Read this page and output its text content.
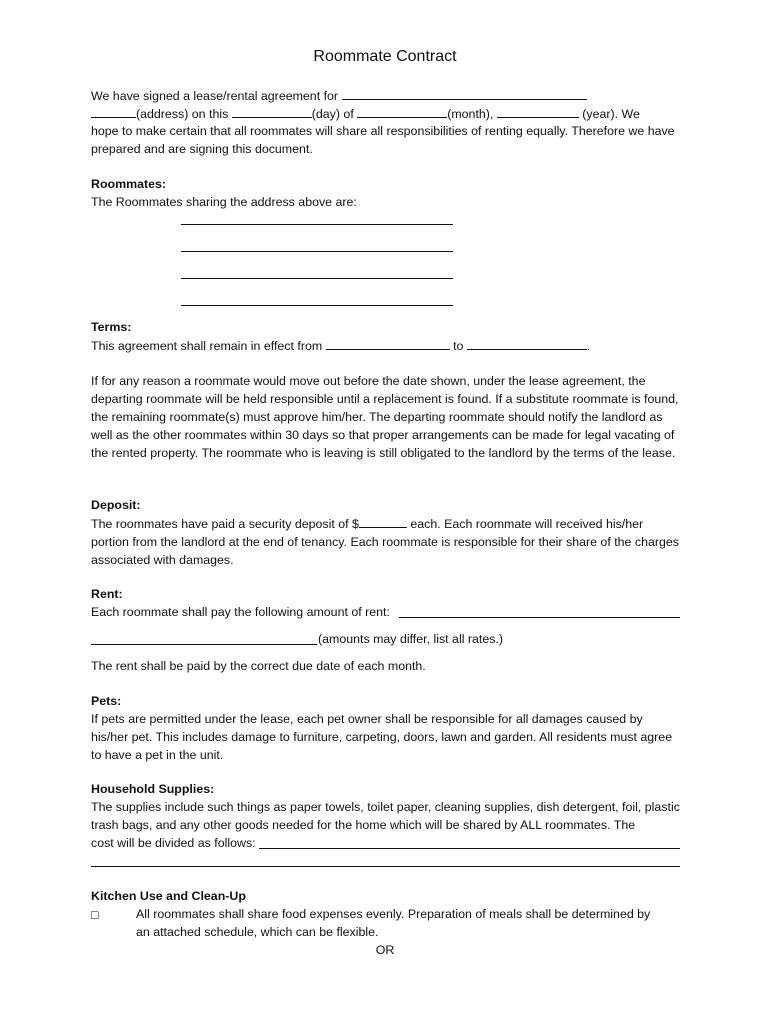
Roommate Contract
We have signed a lease/rental agreement for
(address) on this	(day) of	(month),	(year). We

hope to make certain that all roommates will share all responsibilities of renting equally. Therefore we have prepared and are signing this document.

Roommates:
The Roommates sharing the address above are:
Terms:
This agreement shall remain in effect from	to	.

If for any reason a roommate would move out before the date shown, under the lease agreement, the departing roommate will be held responsible until a replacement is found. If a substitute roommate is found, the remaining roommate(s) must approve him/her. The departing roommate should notify the landlord as well as the other roommates within 30 days so that proper arrangements can be made for legal vacating of the rented property. The roommate who is leaving is still obligated to the landlord by the terms of the lease.

Deposit:
The roommates have paid a security deposit of $	each. Each roommate will received his/her portion from the landlord at the end of tenancy. Each roommate is responsible for their share of the charges associated with damages.
Rent:
Each roommate shall pay the following amount of rent:
(amounts may differ, list all rates.)
The rent shall be paid by the correct due date of each month.
Pets:

If pets are permitted under the lease, each pet owner shall be responsible for all damages caused by his/her pet. This includes damage to furniture, carpeting, doors, lawn and garden. All residents must agree to have a pet in the unit.

Household Supplies:

The supplies include such things as paper towels, toilet paper, cleaning supplies, dish detergent, foil, plastic trash bags, and any other goods needed for the home which will be shared by ALL roommates. The

cost will be divided as follows:
Kitchen Use and Clean-Up
□	All roommates shall share food expenses evenly. Preparation of meals shall be determined by an attached schedule, which can be flexible.

OR
